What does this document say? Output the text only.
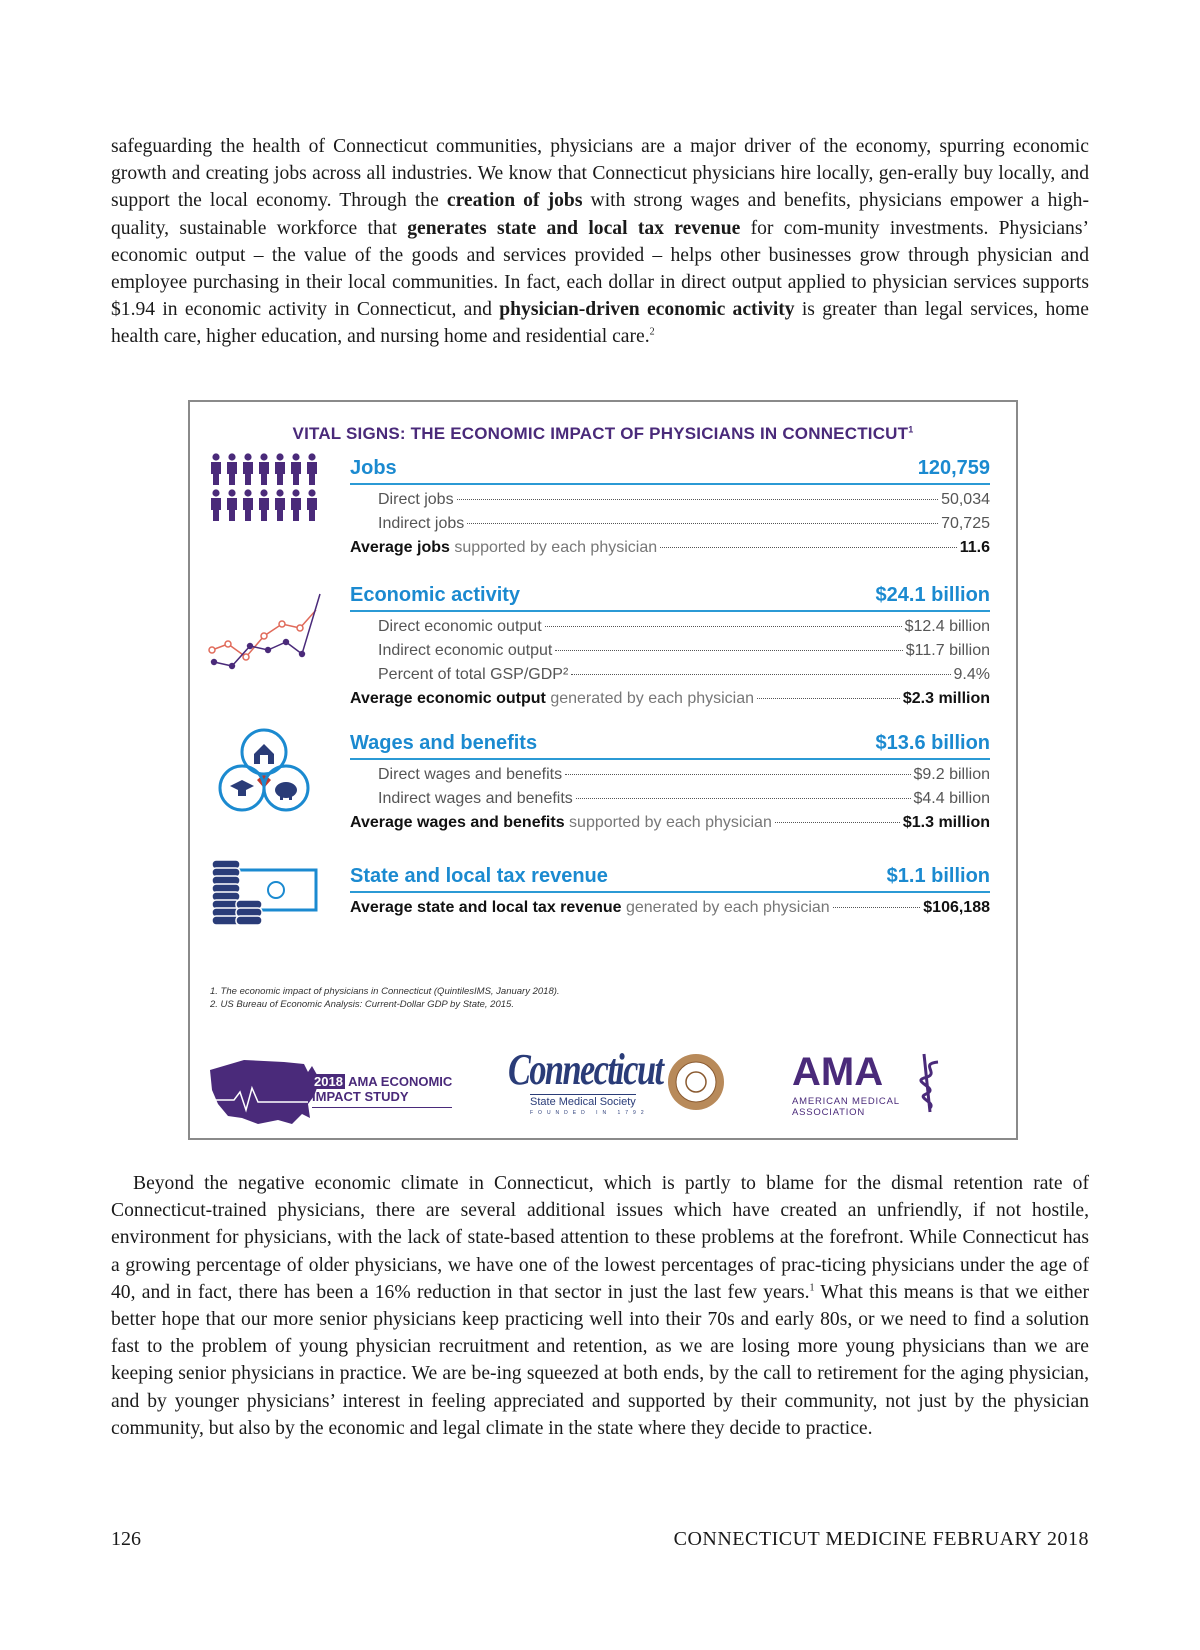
safeguarding the health of Connecticut communities, physicians are a major driver of the economy, spurring economic growth and creating jobs across all industries. We know that Connecticut physicians hire locally, gen-erally buy locally, and support the local economy. Through the creation of jobs with strong wages and benefits, physicians empower a high-quality, sustainable workforce that generates state and local tax revenue for com-munity investments. Physicians’ economic output – the value of the goods and services provided – helps other businesses grow through physician and employee purchasing in their local communities. In fact, each dollar in direct output applied to physician services supports $1.94 in economic activity in Connecticut, and physician-driven economic activity is greater than legal services, home health care, higher education, and nursing home and residential care.$^2$

VITAL SIGNS: THE ECONOMIC IMPACT OF PHYSICIANS IN CONNECTICUT$^1$
Jobs	120,759
Direct jobs	50,034
Indirect jobs	70,725
Average jobs supported by each physician	11.6
Economic activity	$24.1 billion
Direct economic output	$12.4 billion
Indirect economic output	$11.7 billion
Percent of total GSP/GDP²	9.4%
Average economic output generated by each physician	$2.3 million
Wages and benefits	$13.6 billion
Direct wages and benefits	$9.2 billion
Indirect wages and benefits	$4.4 billion
Average wages and benefits supported by each physician	$1.3 million
State and local tax revenue	$1.1 billion
Average state and local tax revenue generated by each physician	$106,188
1. The economic impact of physicians in Connecticut (QuintilesIMS, January 2018).
2. US Bureau of Economic Analysis: Current-Dollar GDP by State, 2015.
2018 AMA ECONOMIC
IMPACT STUDY
Connecticut
State Medical Society
FOUNDED IN 1792
AMA
AMERICAN MEDICAL
ASSOCIATION

Beyond the negative economic climate in Connecticut, which is partly to blame for the dismal retention rate of Connecticut-trained physicians, there are several additional issues which have created an unfriendly, if not hostile, environment for physicians, with the lack of state-based attention to these problems at the forefront. While Connecticut has a growing percentage of older physicians, we have one of the lowest percentages of prac-ticing physicians under the age of 40, and in fact, there has been a 16% reduction in that sector in just the last few years.$^1$ What this means is that we either better hope that our more senior physicians keep practicing well into their 70s and early 80s, or we need to find a solution fast to the problem of young physician recruitment and retention, as we are losing more young physicians than we are keeping senior physicians in practice. We are be-ing squeezed at both ends, by the call to retirement for the aging physician, and by younger physicians’ interest in feeling appreciated and supported by their community, not just by the physician community, but also by the economic and legal climate in the state where they decide to practice.

126	CONNECTICUT MEDICINE FEBRUARY 2018
